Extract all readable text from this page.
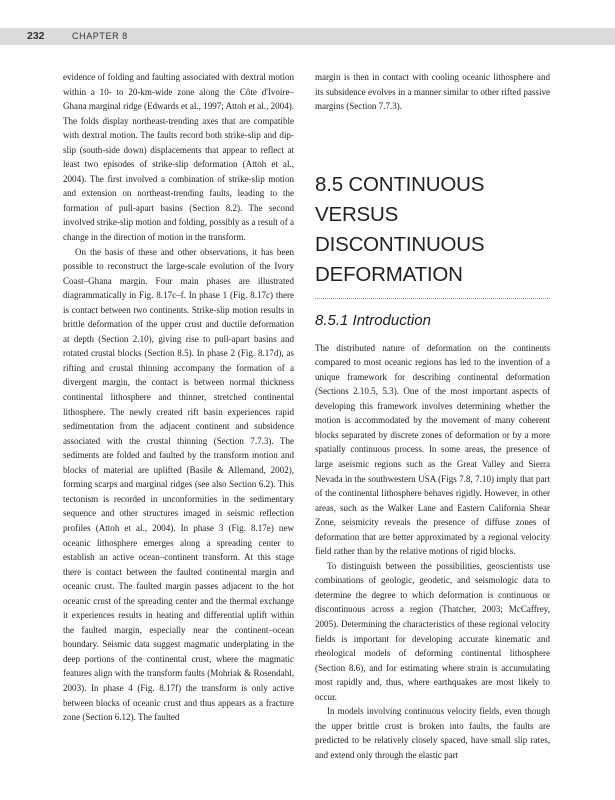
232	CHAPTER 8

evidence of folding and faulting associated with dextral motion within a 10- to 20-km-wide zone along the Côte d'Ivoire–Ghana marginal ridge (Edwards et al., 1997; Attoh et al., 2004). The folds display northeast-trending axes that are compatible with dextral motion. The faults record both strike-slip and dip-slip (south-side down) displacements that appear to reflect at least two episodes of strike-slip deformation (Attoh et al., 2004). The first involved a combination of strike-slip motion and extension on northeast-trending faults, leading to the formation of pull-apart basins (Section 8.2). The second involved strike-slip motion and folding, possibly as a result of a change in the direction of motion in the transform.

On the basis of these and other observations, it has been possible to reconstruct the large-scale evolution of the Ivory Coast–Ghana margin. Four main phases are illustrated diagrammatically in Fig. 8.17c–f. In phase 1 (Fig. 8.17c) there is contact between two continents. Strike-slip motion results in brittle deformation of the upper crust and ductile deformation at depth (Section 2.10), giving rise to pull-apart basins and rotated crustal blocks (Section 8.5). In phase 2 (Fig. 8.17d), as rifting and crustal thinning accompany the formation of a divergent margin, the contact is between normal thickness continental lithosphere and thinner, stretched continental lithosphere. The newly created rift basin experiences rapid sedimentation from the adjacent continent and subsidence associated with the crustal thinning (Section 7.7.3). The sediments are folded and faulted by the transform motion and blocks of material are uplifted (Basile & Allemand, 2002), forming scarps and marginal ridges (see also Section 6.2). This tectonism is recorded in unconformities in the sedimentary sequence and other structures imaged in seismic reflection profiles (Attoh et al., 2004). In phase 3 (Fig. 8.17e) new oceanic lithosphere emerges along a spreading center to establish an active ocean–continent transform. At this stage there is contact between the faulted continental margin and oceanic crust. The faulted margin passes adjacent to the hot oceanic crust of the spreading center and the thermal exchange it experiences results in heating and differential uplift within the faulted margin, especially near the continent–ocean boundary. Seismic data suggest magmatic underplating in the deep portions of the continental crust, where the magmatic features align with the transform faults (Mohriak & Rosendahl, 2003). In phase 4 (Fig. 8.17f) the transform is only active between blocks of oceanic crust and thus appears as a fracture zone (Section 6.12). The faulted

margin is then in contact with cooling oceanic lithosphere and its subsidence evolves in a manner similar to other rifted passive margins (Section 7.7.3).

8.5 CONTINUOUS
VERSUS
DISCONTINUOUS
DEFORMATION
8.5.1 Introduction

The distributed nature of deformation on the continents compared to most oceanic regions has led to the invention of a unique framework for describing continental deformation (Sections 2.10.5, 5.3). One of the most important aspects of developing this framework involves determining whether the motion is accommodated by the movement of many coherent blocks separated by discrete zones of deformation or by a more spatially continuous process. In some areas, the presence of large aseismic regions such as the Great Valley and Sierra Nevada in the southwestern USA (Figs 7.8, 7.10) imply that part of the continental lithosphere behaves rigidly. However, in other areas, such as the Walker Lane and Eastern California Shear Zone, seismicity reveals the presence of diffuse zones of deformation that are better approximated by a regional velocity field rather than by the relative motions of rigid blocks.

To distinguish between the possibilities, geoscientists use combinations of geologic, geodetic, and seismologic data to determine the degree to which deformation is continuous or discontinuous across a region (Thatcher, 2003; McCaffrey, 2005). Determining the characteristics of these regional velocity fields is important for developing accurate kinematic and rheological models of deforming continental lithosphere (Section 8.6), and for estimating where strain is accumulating most rapidly and, thus, where earthquakes are most likely to occur.

In models involving continuous velocity fields, even though the upper brittle crust is broken into faults, the faults are predicted to be relatively closely spaced, have small slip rates, and extend only through the elastic part
